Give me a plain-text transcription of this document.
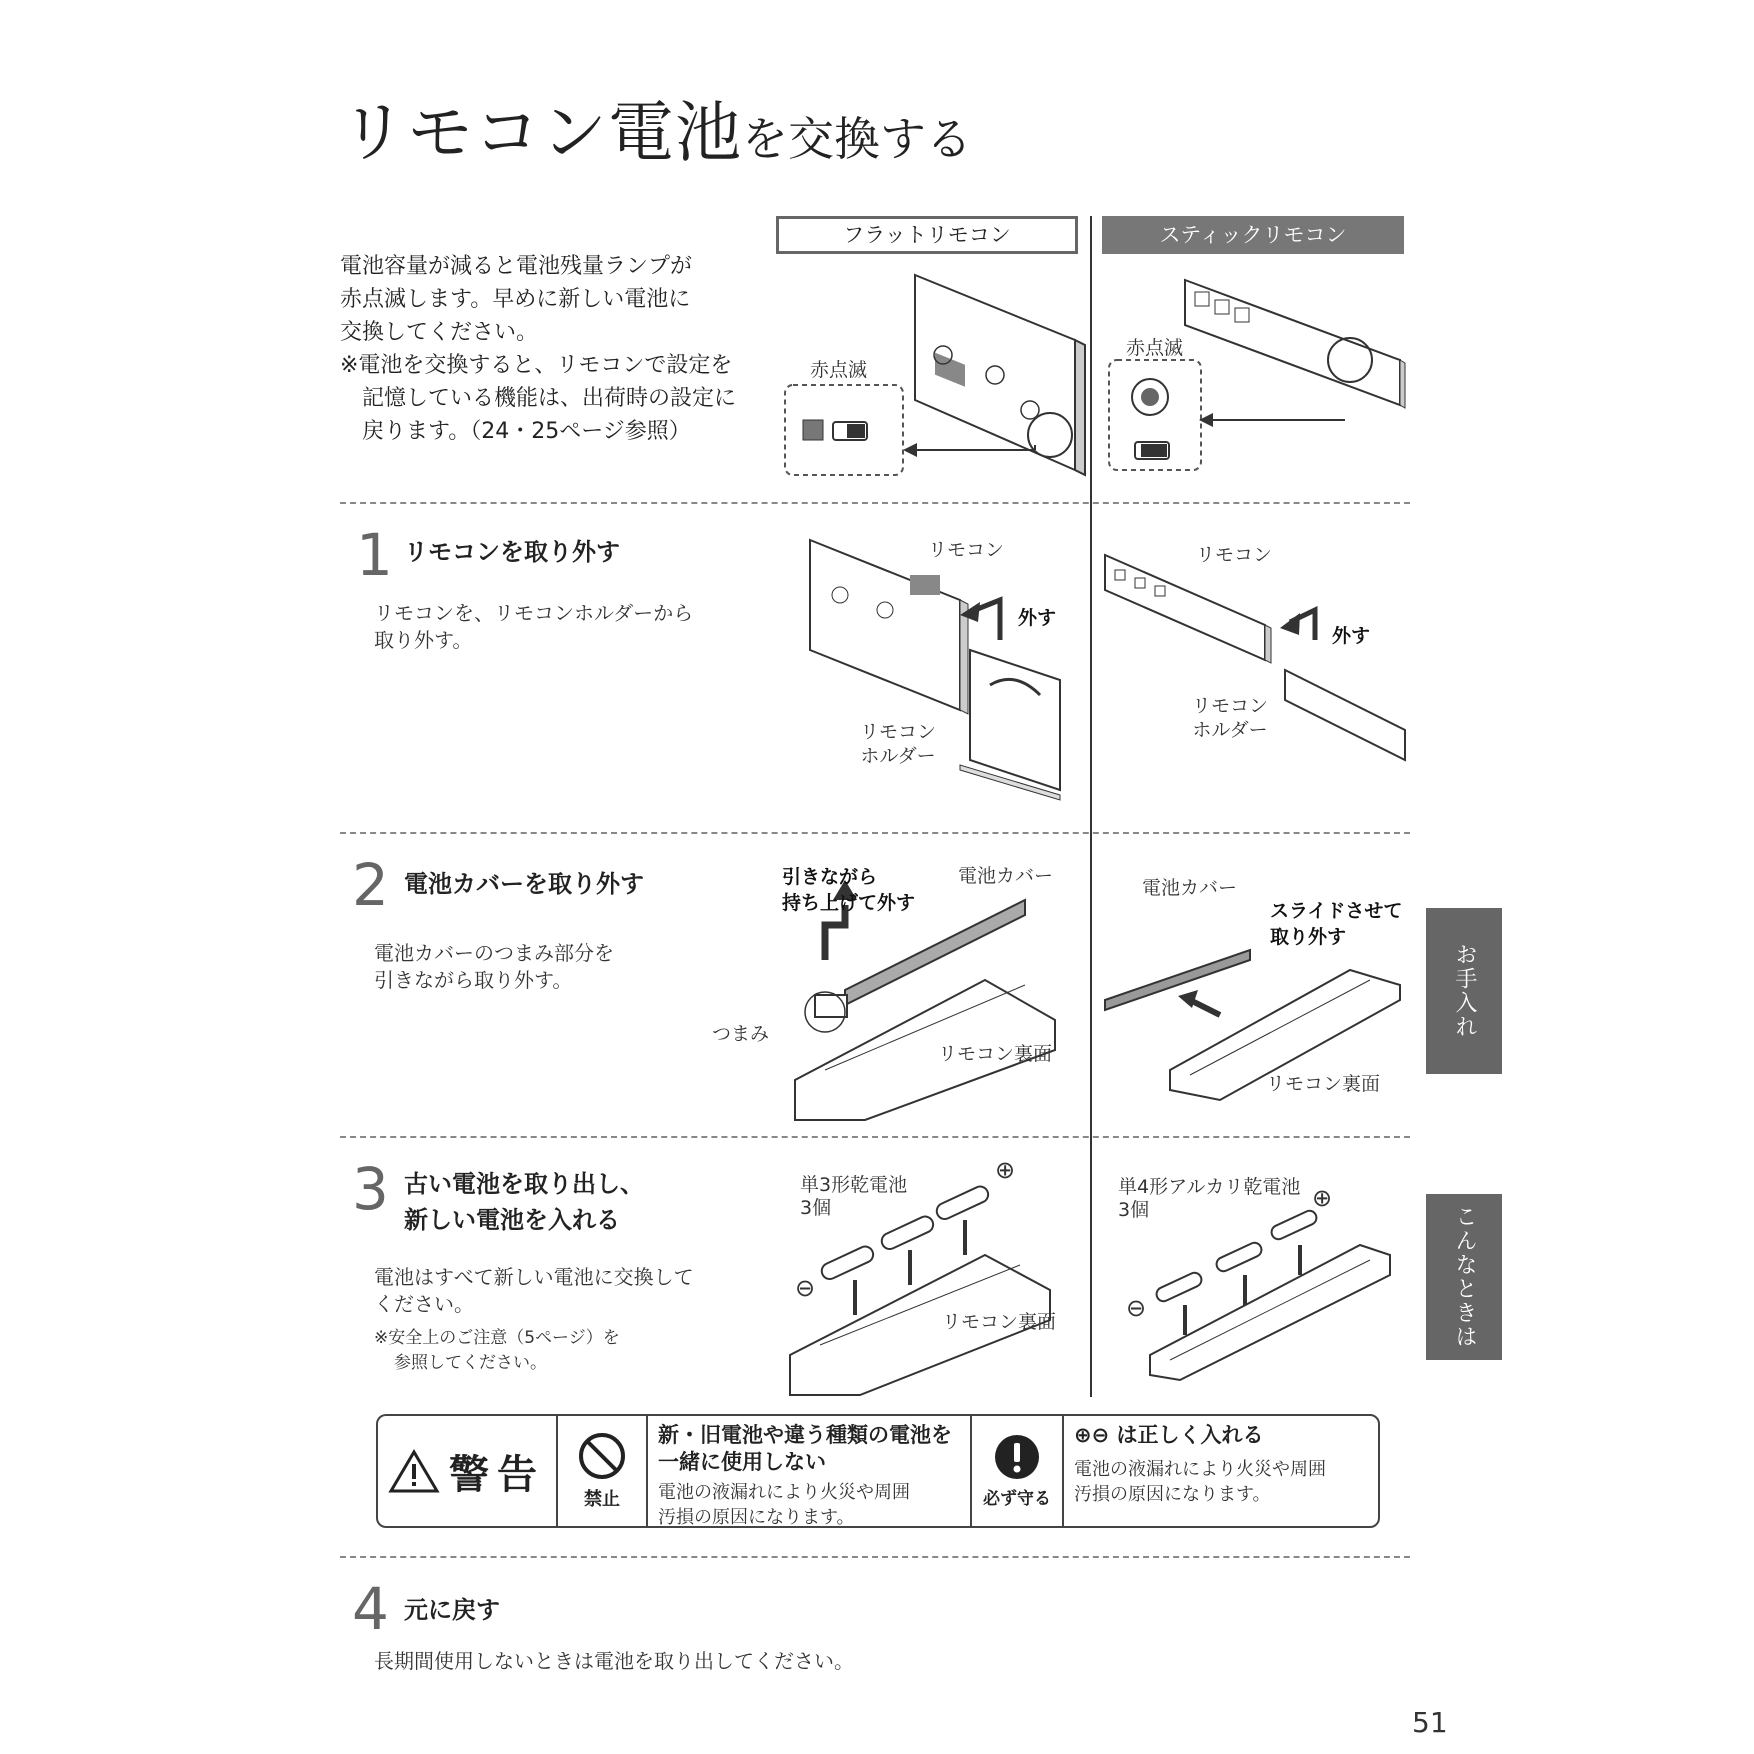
リモコン電池を交換する
フラットリモコン	スティックリモコン
電池容量が減ると電池残量ランプが
赤点滅します。早めに新しい電池に
交換してください。
※電池を交換すると、リモコンで設定を
記憶している機能は、出荷時の設定に
戻ります。（24・25ページ参照）
赤点滅
赤点滅
1 リモコンを取り外す
リモコンを、リモコンホルダーから
取り外す。
リモコン
外す
リモコン
ホルダー
リモコン
外す
リモコン
ホルダー
2 電池カバーを取り外す
電池カバーのつまみ部分を
引きながら取り外す。
引きながら
持ち上げて外す
電池カバー
つまみ
リモコン裏面
電池カバー
スライドさせて
取り外す
リモコン裏面
3 古い電池を取り出し、
新しい電池を入れる
電池はすべて新しい電池に交換して
ください。
※安全上のご注意（5ページ）を
参照してください。
単3形乾電池
3個
⊕
⊖
リモコン裏面
単4形アルカリ乾電池
3個	⊕
⊖
警告
禁止
新・旧電池や違う種類の電池を
一緒に使用しない
電池の液漏れにより火災や周囲
汚損の原因になります。
必ず守る
⊕⊖ は正しく入れる
電池の液漏れにより火災や周囲
汚損の原因になります。
4 元に戻す
長期間使用しないときは電池を取り出してください。
お手入れ
こんなときは
51
